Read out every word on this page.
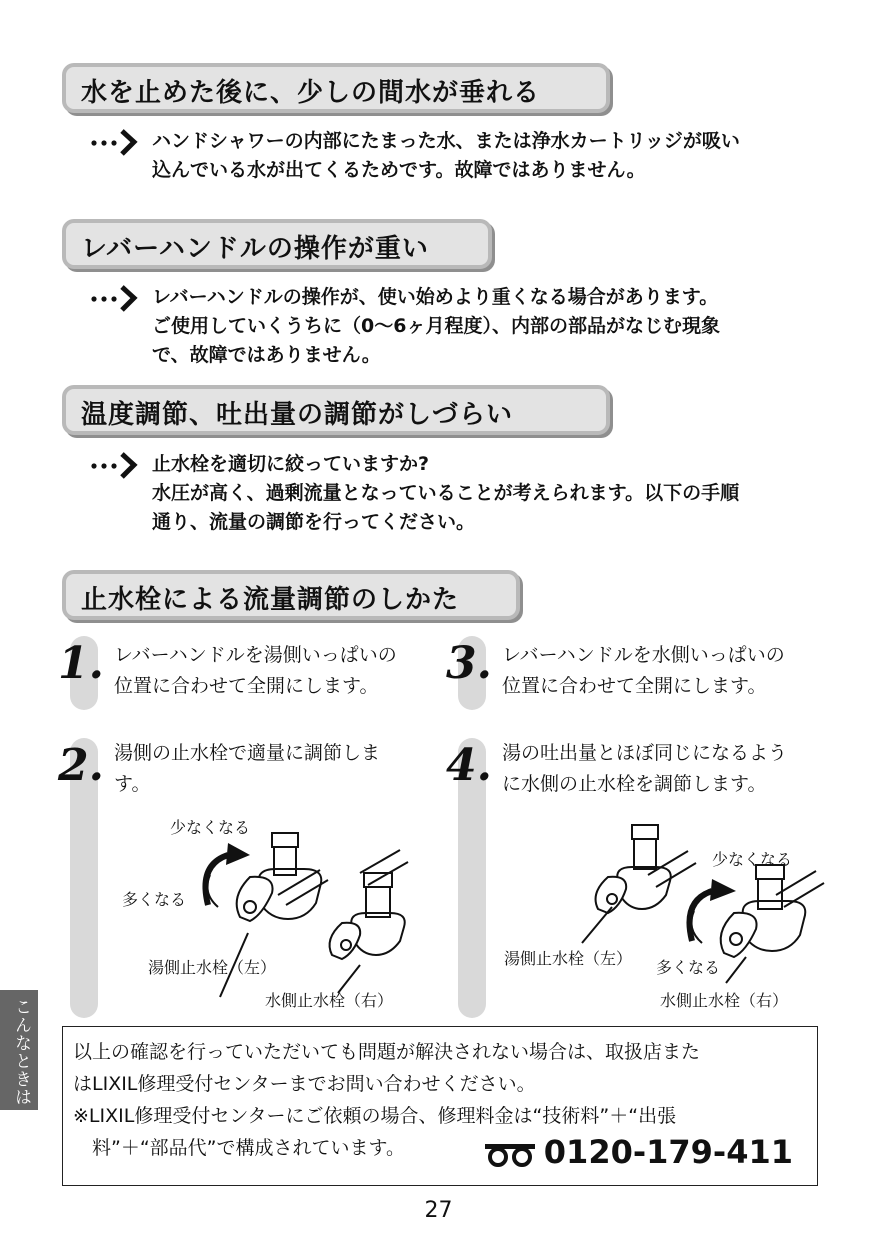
水を止めた後に、少しの間水が垂れる
ハンドシャワーの内部にたまった水、または浄水カートリッジが吸い
込んでいる水が出てくるためです。故障ではありません。
レバーハンドルの操作が重い
レバーハンドルの操作が、使い始めより重くなる場合があります。
ご使用していくうちに（0～6ヶ月程度）、内部の部品がなじむ現象
で、故障ではありません。
温度調節、吐出量の調節がしづらい
止水栓を適切に絞っていますか?
水圧が高く、過剰流量となっていることが考えられます。以下の手順
通り、流量の調節を行ってください。
止水栓による流量調節のしかた
1. レバーハンドルを湯側いっぱいの
位置に合わせて全開にします。
2. 湯側の止水栓で適量に調節しま
す。
3. レバーハンドルを水側いっぱいの
位置に合わせて全開にします。
4. 湯の吐出量とほぼ同じになるよう
に水側の止水栓を調節します。
少なくなる
多くなる
湯側止水栓（左）
水側止水栓（右）
少なくなる
多くなる
湯側止水栓（左）
水側止水栓（右）
こんなときは 以上の確認を行っていただいても問題が解決されない場合は、取扱店また
はLIXIL修理受付センターまでお問い合わせください。
※LIXIL修理受付センターにご依頼の場合、修理料金は“技術料”＋“出張
　料”＋“部品代”で構成されています。	0120-179-411
27
